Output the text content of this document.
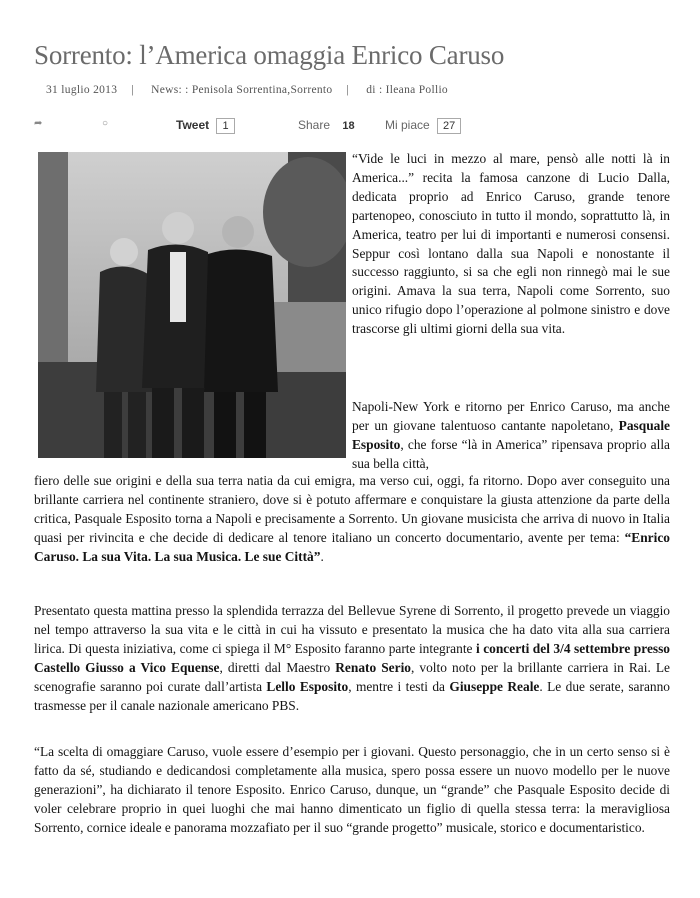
Sorrento: l’America omaggia Enrico Caruso
31 luglio 2013 | News: : Penisola Sorrentina,Sorrento | di : Ileana Pollio
➦	○	Tweet 1	Share 18	Mi piace 27
“Vide le luci in mezzo al mare, pensò alle notti là in America...” recita la famosa canzone di Lucio Dalla, dedicata proprio ad Enrico Caruso, grande tenore partenopeo, conosciuto in tutto il mondo, soprattutto là, in America, teatro per lui di importanti e numerosi consensi. Seppur così lontano dalla sua Napoli e nonostante il successo raggiunto, si sa che egli non rinnegò mai le sue origini. Amava la sua terra, Napoli come Sorrento, suo unico rifugio dopo l’operazione al polmone sinistro e dove trascorse gli ultimi giorni della sua vita.
Napoli-New York e ritorno per Enrico Caruso, ma anche per un giovane talentuoso cantante napoletano, Pasquale Esposito, che forse “là in America” ripensava proprio alla sua bella città,
fiero delle sue origini e della sua terra natia da cui emigra, ma verso cui, oggi, fa ritorno. Dopo aver conseguito una brillante carriera nel continente straniero, dove si è potuto affermare e conquistare la giusta attenzione da parte della critica, Pasquale Esposito torna a Napoli e precisamente a Sorrento. Un giovane musicista che arriva di nuovo in Italia quasi per rivincita e che decide di dedicare al tenore italiano un concerto documentario, avente per tema: “Enrico Caruso. La sua Vita. La sua Musica. Le sue Città”.
Presentato questa mattina presso la splendida terrazza del Bellevue Syrene di Sorrento, il progetto prevede un viaggio nel tempo attraverso la sua vita e le città in cui ha vissuto e presentato la musica che ha dato vita alla sua carriera lirica. Di questa iniziativa, come ci spiega il M° Esposito faranno parte integrante i concerti del 3/4 settembre presso Castello Giusso a Vico Equense, diretti dal Maestro Renato Serio, volto noto per la brillante carriera in Rai. Le scenografie saranno poi curate dall’artista Lello Esposito, mentre i testi da Giuseppe Reale. Le due serate, saranno trasmesse per il canale nazionale americano PBS.
“La scelta di omaggiare Caruso, vuole essere d’esempio per i giovani. Questo personaggio, che in un certo senso si è fatto da sé, studiando e dedicandosi completamente alla musica, spero possa essere un nuovo modello per le nuove generazioni”, ha dichiarato il tenore Esposito. Enrico Caruso, dunque, un “grande” che Pasquale Esposito decide di voler celebrare proprio in quei luoghi che mai hanno dimenticato un figlio di quella stessa terra: la meravigliosa Sorrento, cornice ideale e panorama mozzafiato per il suo “grande progetto” musicale, storico e documentaristico.
